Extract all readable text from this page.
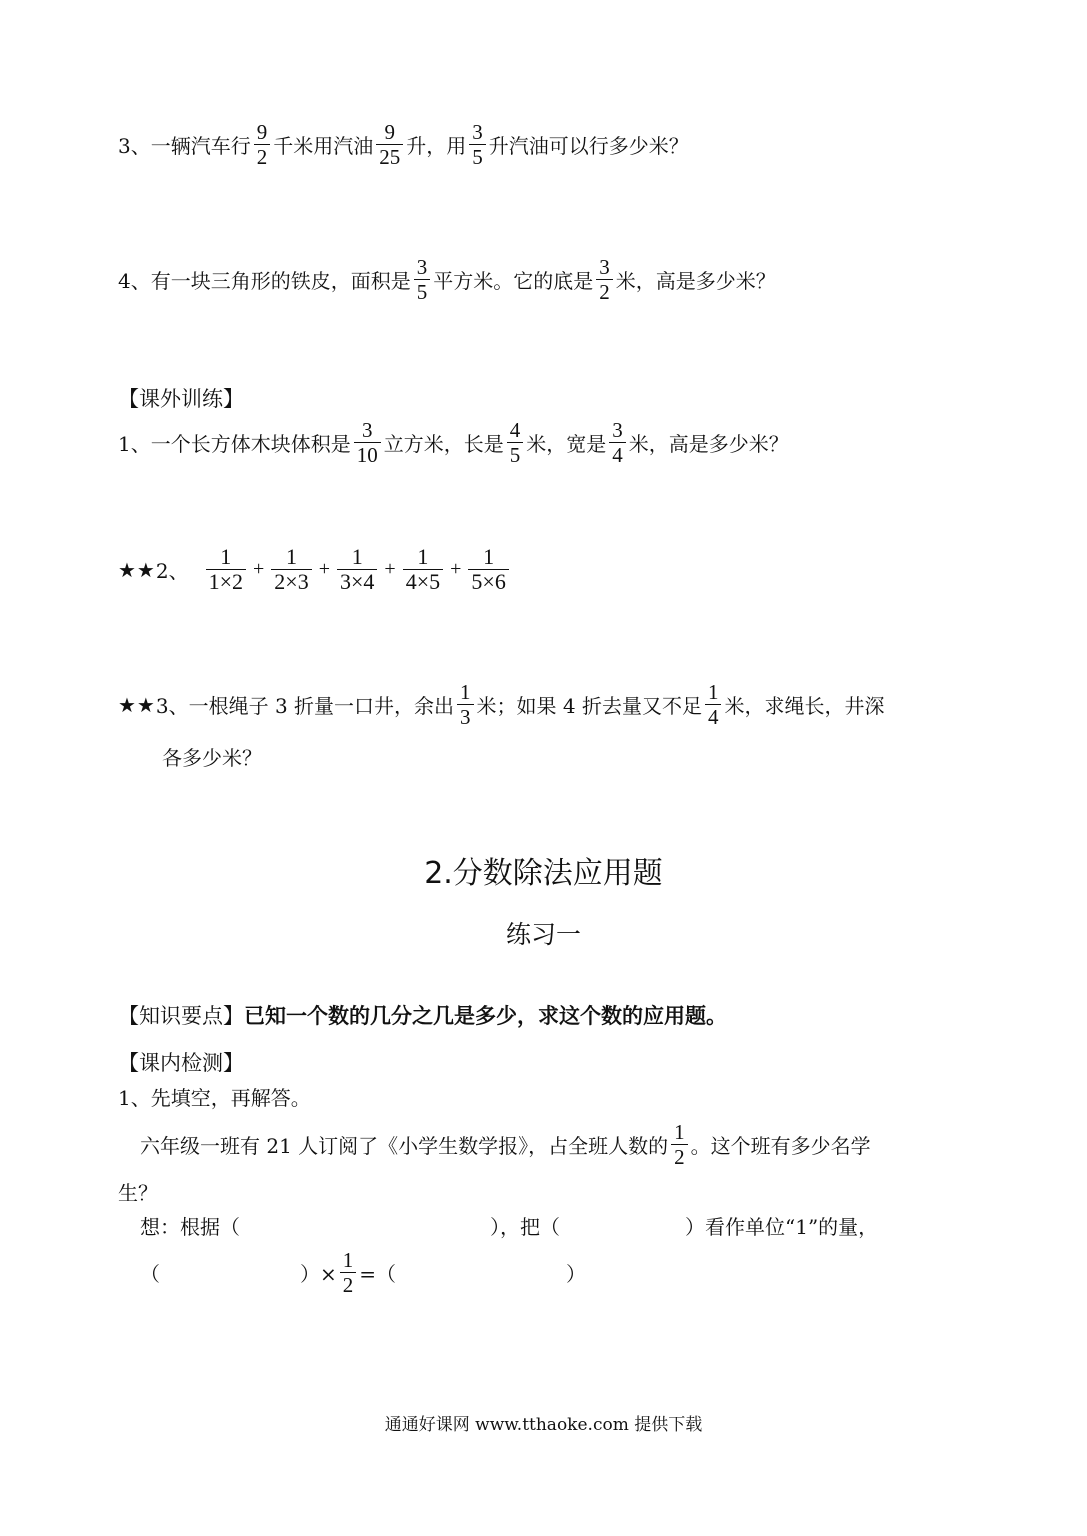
3、一辆汽车行 $\frac{9}{2}$ 千米用汽油 $\frac{9}{25}$ 升，用 $\frac{3}{5}$ 升汽油可以行多少米？
4、有一块三角形的铁皮，面积是 $\frac{3}{5}$ 平方米。它的底是 $\frac{3}{2}$ 米，高是多少米？
【课外训练】
1、一个长方体木块体积是 $\frac{3}{10}$ 立方米，长是 $\frac{4}{5}$ 米，宽是 $\frac{3}{4}$ 米，高是多少米？
★★ 2、 $\frac{1}{1\times 2} + \frac{1}{2\times 3} + \frac{1}{3\times 4} + \frac{1}{4\times 5} + \frac{1}{5\times 6}$
★★ 3、一根绳子 3 折量一口井，余出 $\frac{1}{3}$ 米；如果 4 折去量又不足 $\frac{1}{4}$ 米，求绳长，井深
各多少米？
2.分数除法应用题
练习一
【知识要点】已知一个数的几分之几是多少，求这个数的应用题。
【课内检测】
1、先填空，再解答。
六年级一班有 21 人订阅了《小学生数学报》，占全班人数的 $\frac{1}{2}$ 。这个班有多少名学
生？
想：根据（	），把（	）看作单位“1”的量，
（	）× $\frac{1}{2}$ =（	）
通通好课网 www.tthaoke.com 提供下载
